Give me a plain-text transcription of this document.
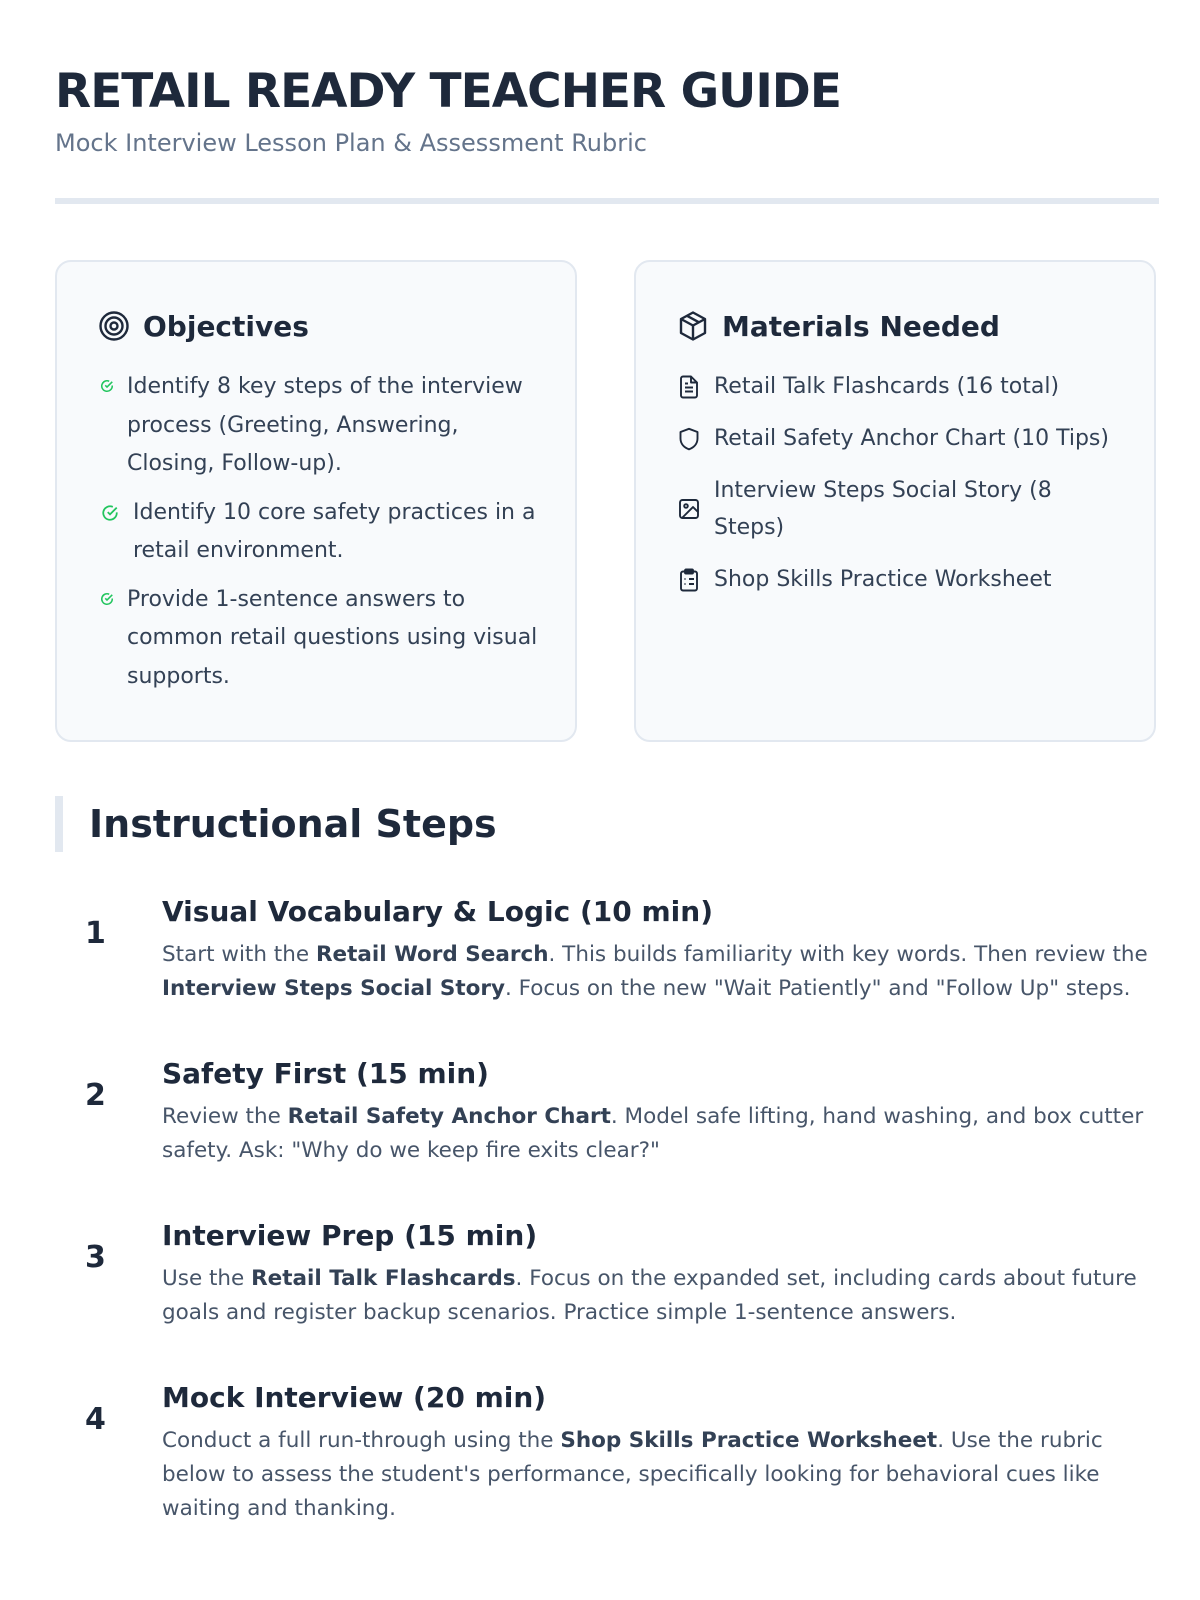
RETAIL READY TEACHER GUIDE
Mock Interview Lesson Plan & Assessment Rubric
Objectives
Identify 8 key steps of the interview process (Greeting, Answering, Closing, Follow-up).
Identify 10 core safety practices in a retail environment.
Provide 1-sentence answers to common retail questions using visual supports.
Materials Needed
Retail Talk Flashcards (16 total)
Retail Safety Anchor Chart (10 Tips)
Interview Steps Social Story (8 Steps)
Shop Skills Practice Worksheet
Instructional Steps
1
Visual Vocabulary & Logic (10 min)
Start with the Retail Word Search. This builds familiarity with key words. Then review the Interview Steps Social Story. Focus on the new "Wait Patiently" and "Follow Up" steps.
2
Safety First (15 min)
Review the Retail Safety Anchor Chart. Model safe lifting, hand washing, and box cutter safety. Ask: "Why do we keep fire exits clear?"
3
Interview Prep (15 min)
Use the Retail Talk Flashcards. Focus on the expanded set, including cards about future goals and register backup scenarios. Practice simple 1-sentence answers.
4
Mock Interview (20 min)
Conduct a full run-through using the Shop Skills Practice Worksheet. Use the rubric below to assess the student's performance, specifically looking for behavioral cues like waiting and thanking.
